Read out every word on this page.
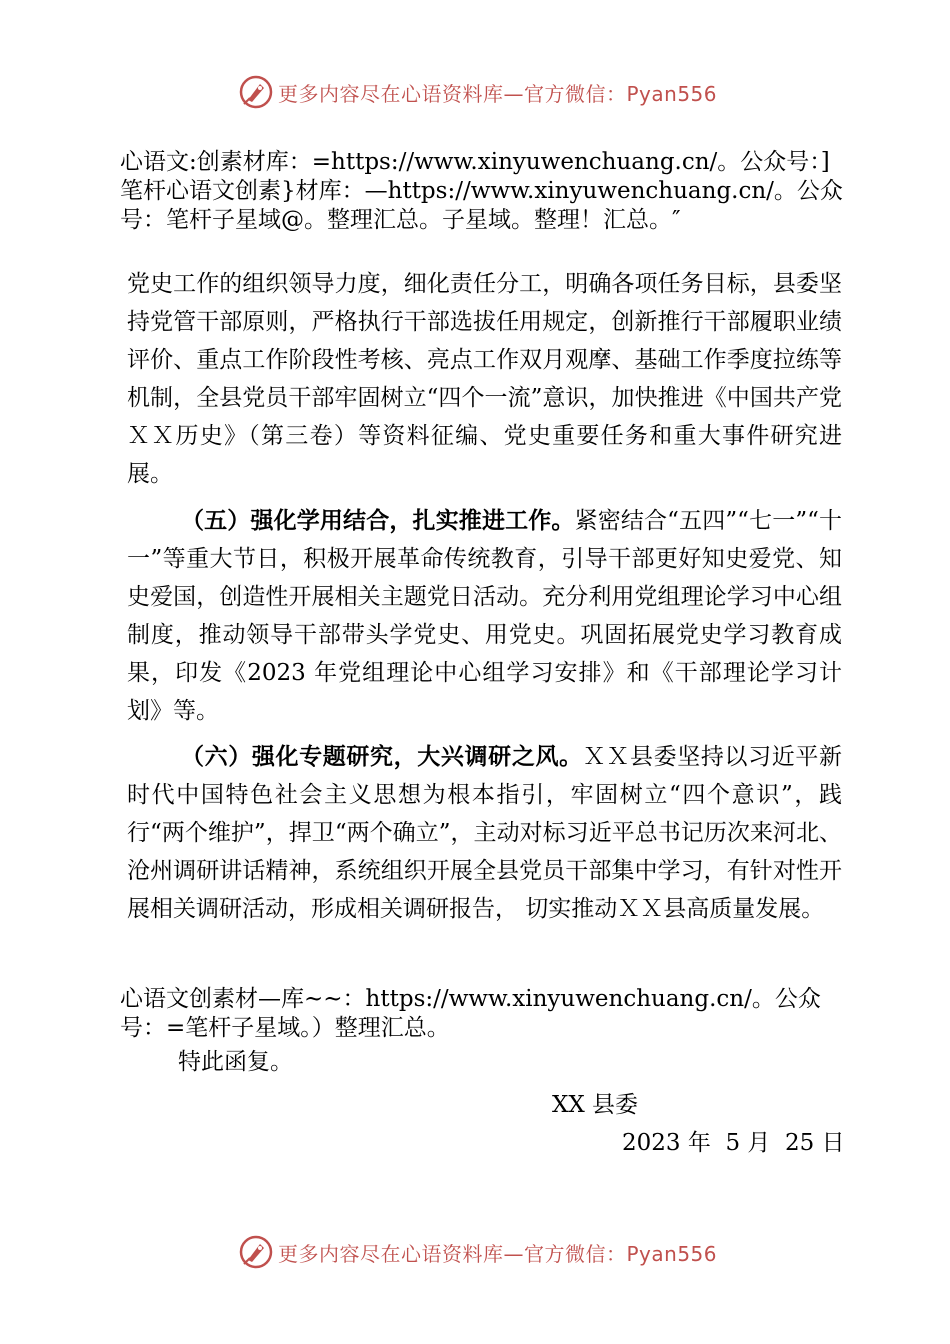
更多内容尽在心语资料库—官方微信：Pyan556
心语文:创素材库：=https://www.xinyuwenchuang.cn/。公众号：]笔杆心语文创素}材库：—https://www.xinyuwenchuang.cn/。公众号：笔杆子星域@。整理汇总。子星域。整理！汇总。″
党史工作的组织领导力度，细化责任分工，明确各项任务目标，县委坚持党管干部原则，严格执行干部选拔任用规定，创新推行干部履职业绩评价、重点工作阶段性考核、亮点工作双月观摩、基础工作季度拉练等机制，全县党员干部牢固树立“四个一流”意识，加快推进《中国共产党ＸＸ历史》（第三卷）等资料征编、党史重要任务和重大事件研究进展。
（五）强化学用结合，扎实推进工作。紧密结合“五四”“七一”“十一”等重大节日，积极开展革命传统教育，引导干部更好知史爱党、知史爱国，创造性开展相关主题党日活动。充分利用党组理论学习中心组制度，推动领导干部带头学党史、用党史。巩固拓展党史学习教育成果，印发《2023 年党组理论中心组学习安排》和《干部理论学习计划》等。
（六）强化专题研究，大兴调研之风。ＸＸ县委坚持以习近平新时代中国特色社会主义思想为根本指引，牢固树立“四个意识”，践行“两个维护”，捍卫“两个确立”，主动对标习近平总书记历次来河北、沧州调研讲话精神，系统组织开展全县党员干部集中学习，有针对性开展相关调研活动，形成相关调研报告， 切实推动ＸＸ县高质量发展。
心语文创素材—库~~：https://www.xinyuwenchuang.cn/。公众号：=笔杆子星域。）整理汇总。
特此函复。
XX 县委
2023 年  5 月  25 日
更多内容尽在心语资料库—官方微信：Pyan556
